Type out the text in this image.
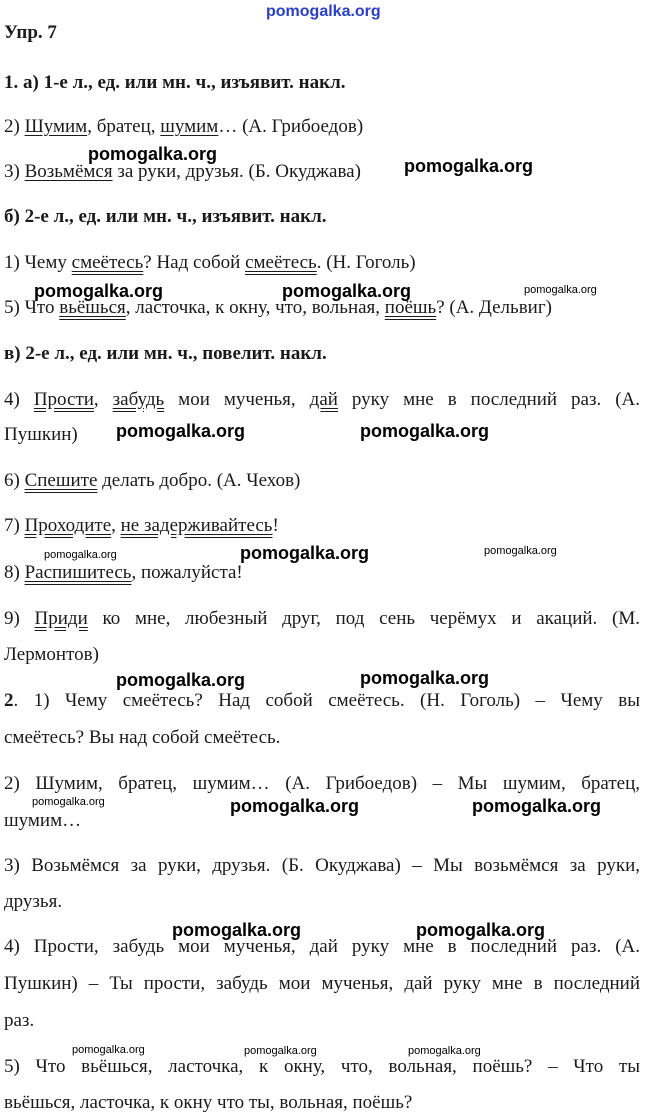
pomogalka.org
Упр. 7
1. а) 1-е л., ед. или мн. ч., изъявит. накл.
2) Шумим, братец, шумим… (А. Грибоедов)
3) Возьмёмся за руки, друзья. (Б. Окуджава)
б) 2-е л., ед. или мн. ч., изъявит. накл.
1) Чему смеётесь? Над собой смеётесь. (Н. Гоголь)
5) Что вьёшься, ласточка, к окну, что, вольная, поёшь? (А. Дельвиг)
в) 2-е л., ед. или мн. ч., повелит. накл.
4) Прости, забудь мои мученья, дай руку мне в последний раз. (А.
Пушкин)
6) Спешите делать добро. (А. Чехов)
7) Проходите, не задерживайтесь!
8) Распишитесь, пожалуйста!
9) Приди ко мне, любезный друг, под сень черёмух и акаций. (М.
Лермонтов)
2. 1) Чему смеётесь? Над собой смеётесь. (Н. Гоголь) – Чему вы
смеётесь? Вы над собой смеётесь.
2) Шумим, братец, шумим… (А. Грибоедов) – Мы шумим, братец,
шумим…
3) Возьмёмся за руки, друзья. (Б. Окуджава) – Мы возьмёмся за руки,
друзья.
4) Прости, забудь мои мученья, дай руку мне в последний раз. (А.
Пушкин) – Ты прости, забудь мои мученья, дай руку мне в последний
раз.
5) Что вьёшься, ласточка, к окну, что, вольная, поёшь? – Что ты
вьёшься, ласточка, к окну что ты, вольная, поёшь?
pomogalka.org
pomogalka.org
pomogalka.org	pomogalka.org	pomogalka.org
pomogalka.org	pomogalka.org
pomogalka.org	pomogalka.org	pomogalka.org
pomogalka.org	pomogalka.org
pomogalka.org	pomogalka.org	pomogalka.org
pomogalka.org	pomogalka.org
pomogalka.org	pomogalka.org	pomogalka.org
